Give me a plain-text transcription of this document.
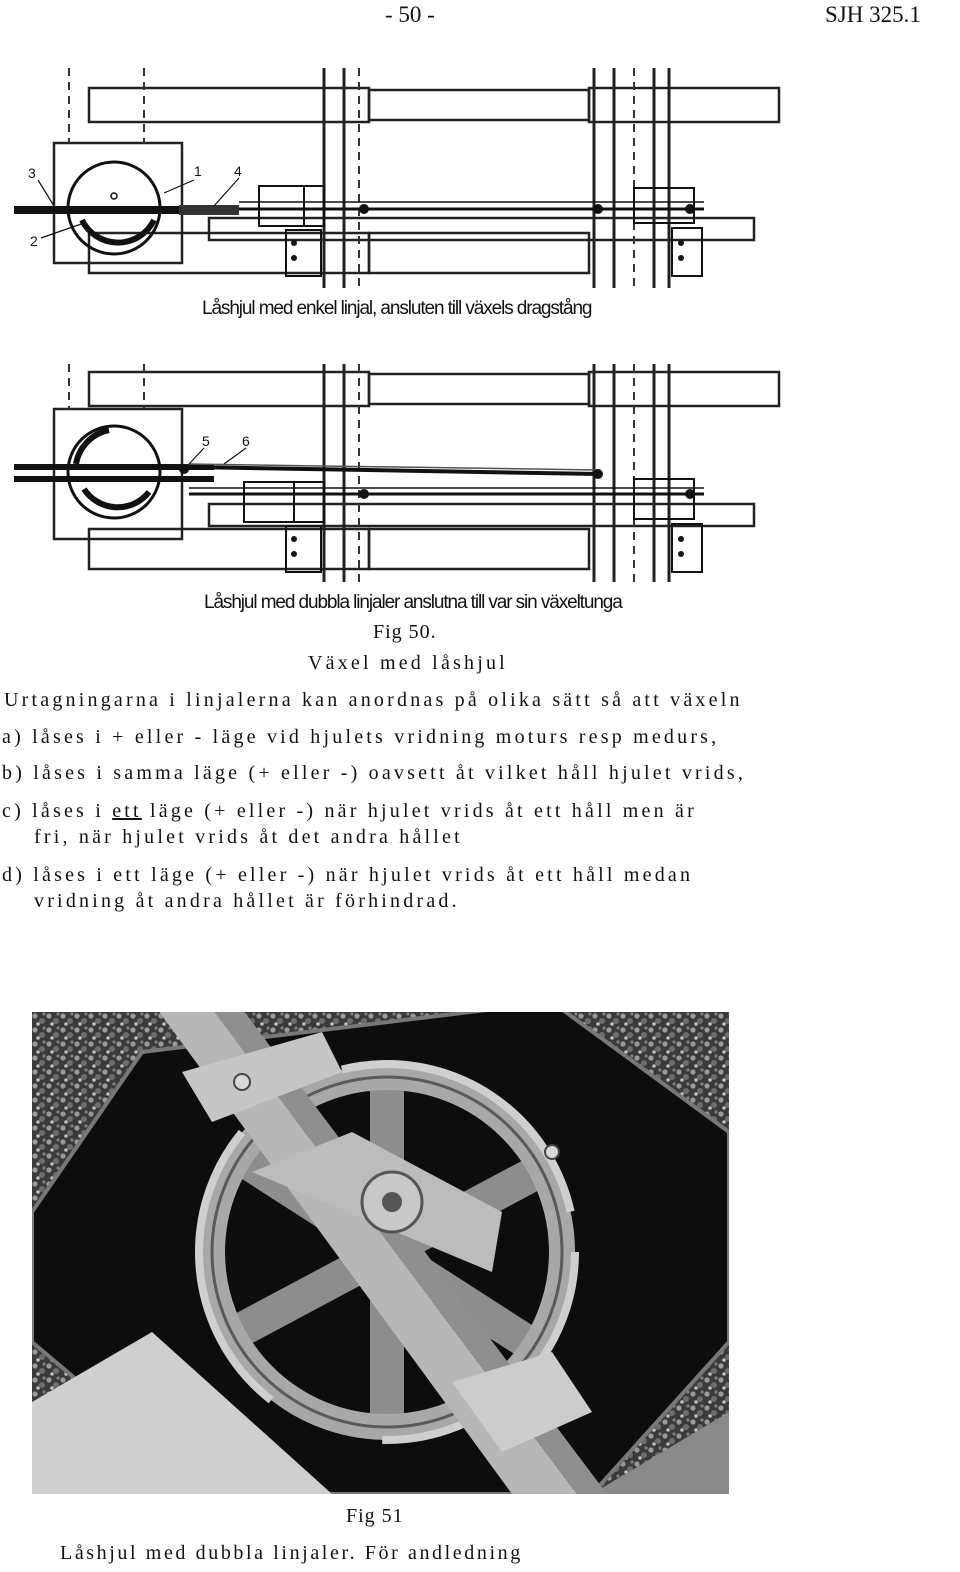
- 50 -	SJH 325.1
1
2
3	4
Låshjul med enkel linjal, ansluten till växels dragstång
5 6
Låshjul med dubbla linjaler anslutna till var sin växeltunga
Fig 50.
Växel med låshjul
Urtagningarna i linjalerna kan anordnas på olika sätt så att växeln
a) låses i + eller - läge vid hjulets vridning moturs resp medurs,
b) låses i samma läge (+ eller -) oavsett åt vilket håll hjulet vrids,
c) låses i ett läge (+ eller -) när hjulet vrids åt ett håll men är
fri, när hjulet vrids åt det andra hållet
d) låses i ett läge (+ eller -) när hjulet vrids åt ett håll medan
vridning åt andra hållet är förhindrad.
Fig 51
Låshjul med dubbla linjaler. För andledning
